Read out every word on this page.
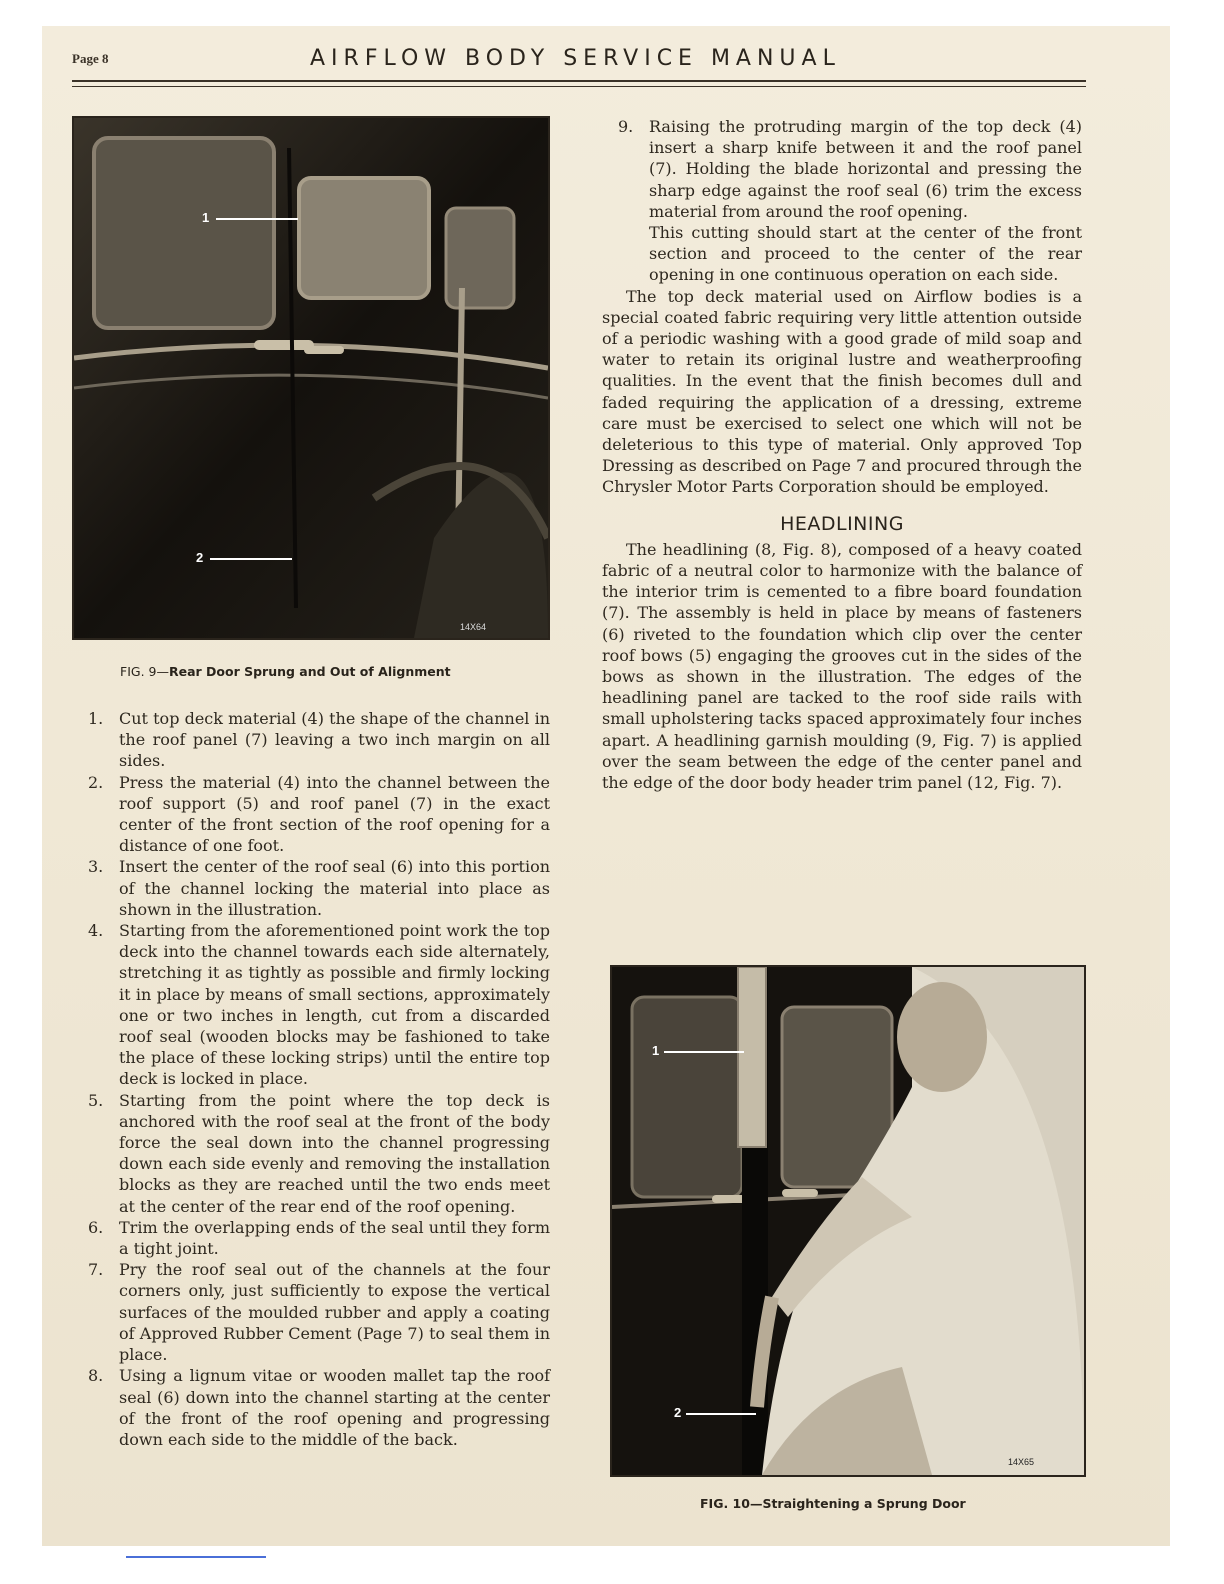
Page 8	AIRFLOW BODY SERVICE MANUAL
1
2
14X64
FIG. 9—Rear Door Sprung and Out of Alignment
1. Cut top deck material (4) the shape of the channel in the roof panel (7) leaving a two inch margin on all sides.
2. Press the material (4) into the channel between the roof support (5) and roof panel (7) in the exact center of the front section of the roof opening for a distance of one foot.
3. Insert the center of the roof seal (6) into this portion of the channel locking the material into place as shown in the illustration.
4. Starting from the aforementioned point work the top deck into the channel towards each side alternately, stretching it as tightly as possible and firmly locking it in place by means of small sections, approximately one or two inches in length, cut from a discarded roof seal (wooden blocks may be fashioned to take the place of these locking strips) until the entire top deck is locked in place.
5. Starting from the point where the top deck is anchored with the roof seal at the front of the body force the seal down into the channel progressing down each side evenly and removing the installation blocks as they are reached until the two ends meet at the center of the rear end of the roof opening.
6. Trim the overlapping ends of the seal until they form a tight joint.
7. Pry the roof seal out of the channels at the four corners only, just sufficiently to expose the vertical surfaces of the moulded rubber and apply a coating of Approved Rubber Cement (Page 7) to seal them in place.
8. Using a lignum vitae or wooden mallet tap the roof seal (6) down into the channel starting at the center of the front of the roof opening and progressing down each side to the middle of the back.
9. Raising the protruding margin of the top deck (4) insert a sharp knife between it and the roof panel (7). Holding the blade horizontal and pressing the sharp edge against the roof seal (6) trim the excess material from around the roof opening.
This cutting should start at the center of the front section and proceed to the center of the rear opening in one continuous operation on each side.

The top deck material used on Airflow bodies is a special coated fabric requiring very little attention outside of a periodic washing with a good grade of mild soap and water to retain its original lustre and weatherproofing qualities. In the event that the finish becomes dull and faded requiring the application of a dressing, extreme care must be exercised to select one which will not be deleterious to this type of material. Only approved Top Dressing as described on Page 7 and procured through the Chrysler Motor Parts Corporation should be employed.

HEADLINING

The headlining (8, Fig. 8), composed of a heavy coated fabric of a neutral color to harmonize with the balance of the interior trim is cemented to a fibre board foundation (7). The assembly is held in place by means of fasteners (6) riveted to the foundation which clip over the center roof bows (5) engaging the grooves cut in the sides of the bows as shown in the illustration. The edges of the headlining panel are tacked to the roof side rails with small upholstering tacks spaced approximately four inches apart. A headlining garnish moulding (9, Fig. 7) is applied over the seam between the edge of the center panel and the edge of the door body header trim panel (12, Fig. 7).

1
2
14X65
FIG. 10—Straightening a Sprung Door
